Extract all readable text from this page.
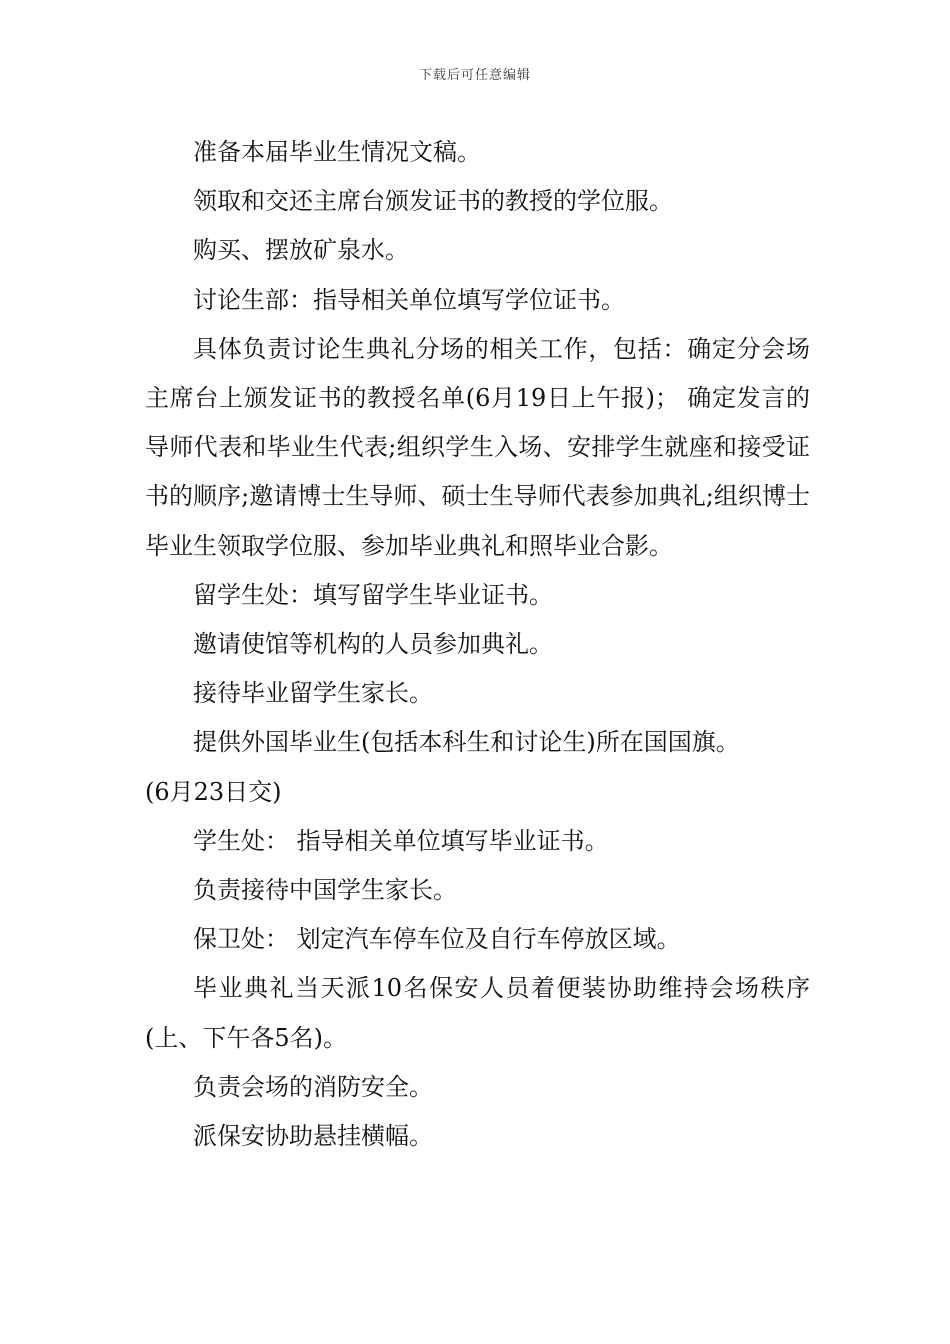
下载后可任意编辑

准备本届毕业生情况文稿。

领取和交还主席台颁发证书的教授的学位服。

购买、摆放矿泉水。

讨论生部：指导相关单位填写学位证书。

具体负责讨论生典礼分场的相关工作，包括：确定分会场主席台上颁发证书的教授名单(6月19日上午报)； 确定发言的导师代表和毕业生代表;组织学生入场、安排学生就座和接受证书的顺序;邀请博士生导师、硕士生导师代表参加典礼;组织博士毕业生领取学位服、参加毕业典礼和照毕业合影。

留学生处：填写留学生毕业证书。

邀请使馆等机构的人员参加典礼。

接待毕业留学生家长。

提供外国毕业生(包括本科生和讨论生)所在国国旗。

(6月23日交)

学生处： 指导相关单位填写毕业证书。

负责接待中国学生家长。

保卫处： 划定汽车停车位及自行车停放区域。

毕业典礼当天派10名保安人员着便装协助维持会场秩序(上、下午各5名)。

负责会场的消防安全。

派保安协助悬挂横幅。
